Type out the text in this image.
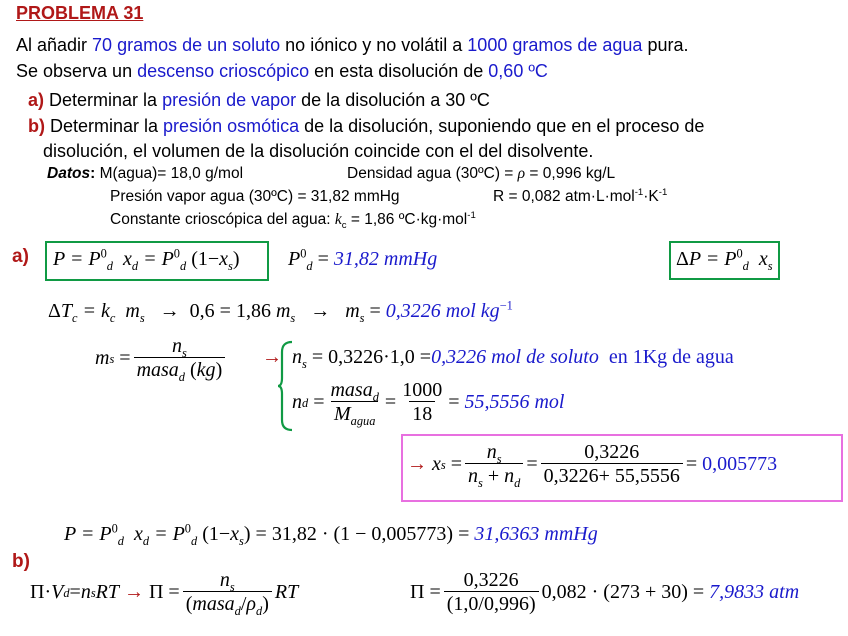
PROBLEMA 31
Al añadir 70 gramos de un soluto no iónico y no volátil a 1000 gramos de agua pura.
Se observa un descenso crioscópico en esta disolución de 0,60 ºC
a) Determinar la presión de vapor de la disolución a 30 ºC
b) Determinar la presión osmótica de la disolución, suponiendo que en el proceso de
disolución, el volumen de la disolución coincide con el del disolvente.
Datos: M(agua)= 18,0 g/mol	Densidad agua (30ºC) = ρ = 0,996 kg/L
Presión vapor agua (30ºC) = 31,82 mmHg	R = 0,082 $atm\cdot L\cdot mol^{-1}\cdot K^{-1}$
Constante crioscópica del agua: $k_c = 1,86$ ºC·kg·mol$^{-1}$
a) $P = P^0_d$  $x_d = P^0_d$ $(1-x_s) P^0_d = 31,82$ mmHg	$\Delta P = P^0_d$  $x_s$
$\Delta T_c = k_c$  $m_s \to 0,6 = 1,86$ $m_s \to m_s = 0,3226$ mol $kg^{-1}$
m s
= $\frac{n_s}{masa_d (kg)} \to n_s = 0,3226\cdot 1,0 =0,3226$ mol de soluto en 1Kg de agua
n d
= $\frac{masa_d}{M_{agua}} = \frac{1000}{18}$ =
55,5556 mol
→ x s
= $\frac{n_s}{n_s + n_d} = \frac{0,3226}{0,3226+ 55,5556}$ =
0,005773
$P = P^0_d$  $x_d = P^0_d$ $(1-x_s) = 31,82 \cdot (1 - 0,005773) = 31,6363$ mmHg
b)
Π· V d = n s RT →
$\Pi = \frac{n_s}{(masa_d/\rho_d)}$ RT	$\Pi = \frac{0,3226}{(1,0/0,996)} 0,082 \cdot (273 + 30)$
=
7,9833 atm
